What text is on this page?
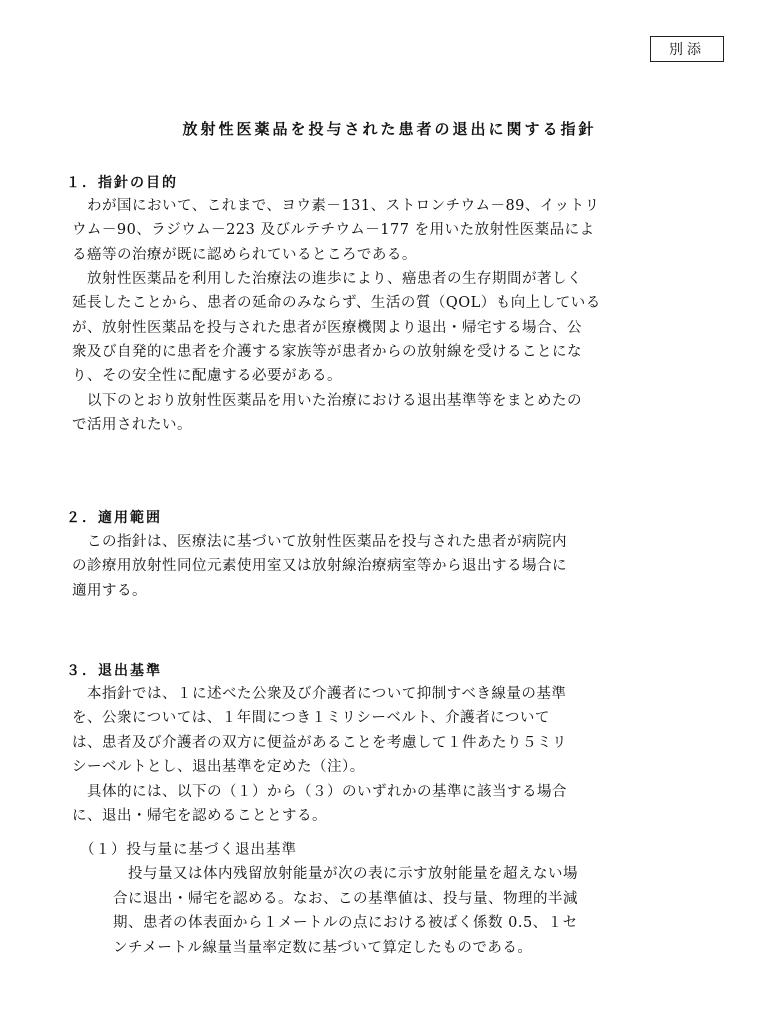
別添
放射性医薬品を投与された患者の退出に関する指針
１．指針の目的
　わが国において、これまで、ヨウ素－131、ストロンチウム－89、イットリ
ウム－90、ラジウム－223 及びルテチウム－177 を用いた放射性医薬品によ
る癌等の治療が既に認められているところである。
　放射性医薬品を利用した治療法の進歩により、癌患者の生存期間が著しく
延長したことから、患者の延命のみならず、生活の質（QOL）も向上している
が、放射性医薬品を投与された患者が医療機関より退出・帰宅する場合、公
衆及び自発的に患者を介護する家族等が患者からの放射線を受けることにな
り、その安全性に配慮する必要がある。
　以下のとおり放射性医薬品を用いた治療における退出基準等をまとめたの
で活用されたい。
２．適用範囲
　この指針は、医療法に基づいて放射性医薬品を投与された患者が病院内
の診療用放射性同位元素使用室又は放射線治療病室等から退出する場合に
適用する。
３．退出基準
　本指針では、１に述べた公衆及び介護者について抑制すべき線量の基準
を、公衆については、１年間につき１ミリシーベルト、介護者について
は、患者及び介護者の双方に便益があることを考慮して１件あたり５ミリ
シーベルトとし、退出基準を定めた（注）。
　具体的には、以下の（１）から（３）のいずれかの基準に該当する場合
に、退出・帰宅を認めることとする。
（１）投与量に基づく退出基準
　投与量又は体内残留放射能量が次の表に示す放射能量を超えない場
合に退出・帰宅を認める。なお、この基準値は、投与量、物理的半減
期、患者の体表面から１メートルの点における被ばく係数 0.5、１セ
ンチメートル線量当量率定数に基づいて算定したものである。
